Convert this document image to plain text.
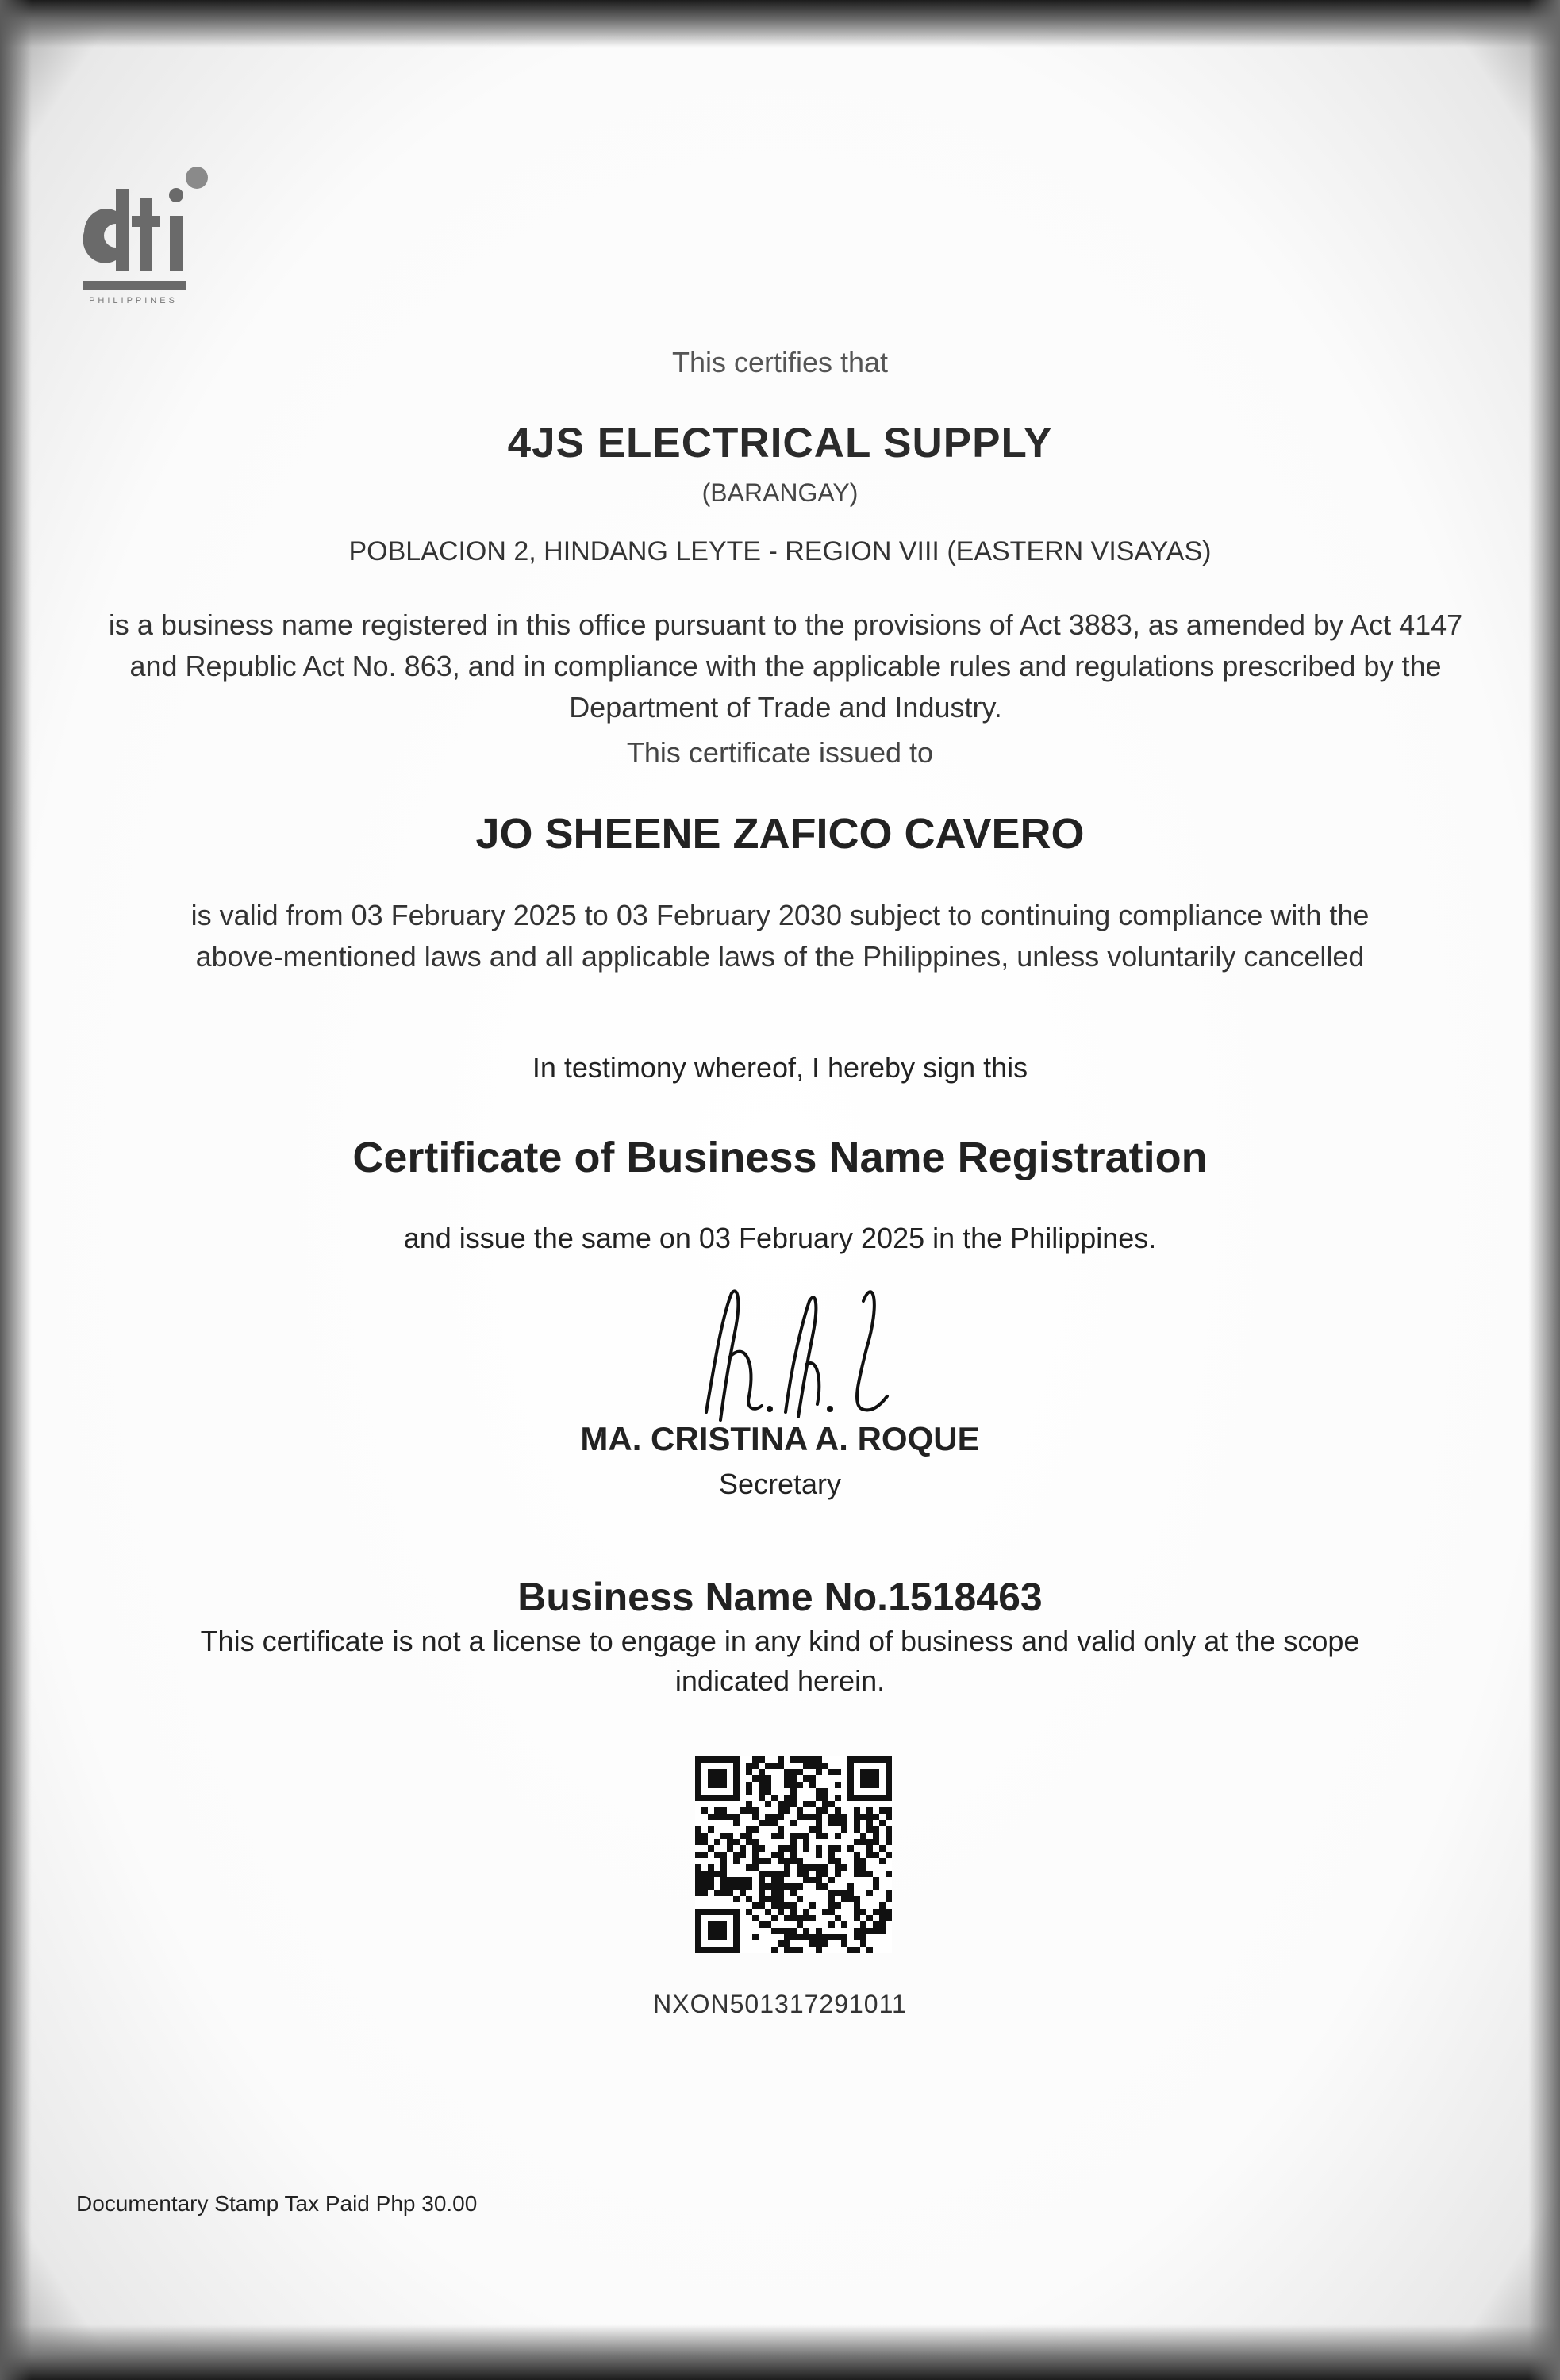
PHILIPPINES
dti
This certifies that
4JS ELECTRICAL SUPPLY
(BARANGAY)
POBLACION 2, HINDANG LEYTE - REGION VIII (EASTERN VISAYAS)
is a business name registered in this office pursuant to the provisions of Act 3883, as amended by Act 4147 and Republic Act No. 863, and in compliance with the applicable rules and regulations prescribed by the Department of Trade and Industry.
This certificate issued to
JO SHEENE ZAFICO CAVERO
is valid from 03 February 2025 to 03 February 2030 subject to continuing compliance with the above-mentioned laws and all applicable laws of the Philippines, unless voluntarily cancelled
In testimony whereof, I hereby sign this
Certificate of Business Name Registration
and issue the same on 03 February 2025 in the Philippines.
MA. CRISTINA A. ROQUE
Secretary
Business Name No.1518463
This certificate is not a license to engage in any kind of business and valid only at the scope indicated herein.
NXON501317291011
Documentary Stamp Tax Paid Php 30.00
